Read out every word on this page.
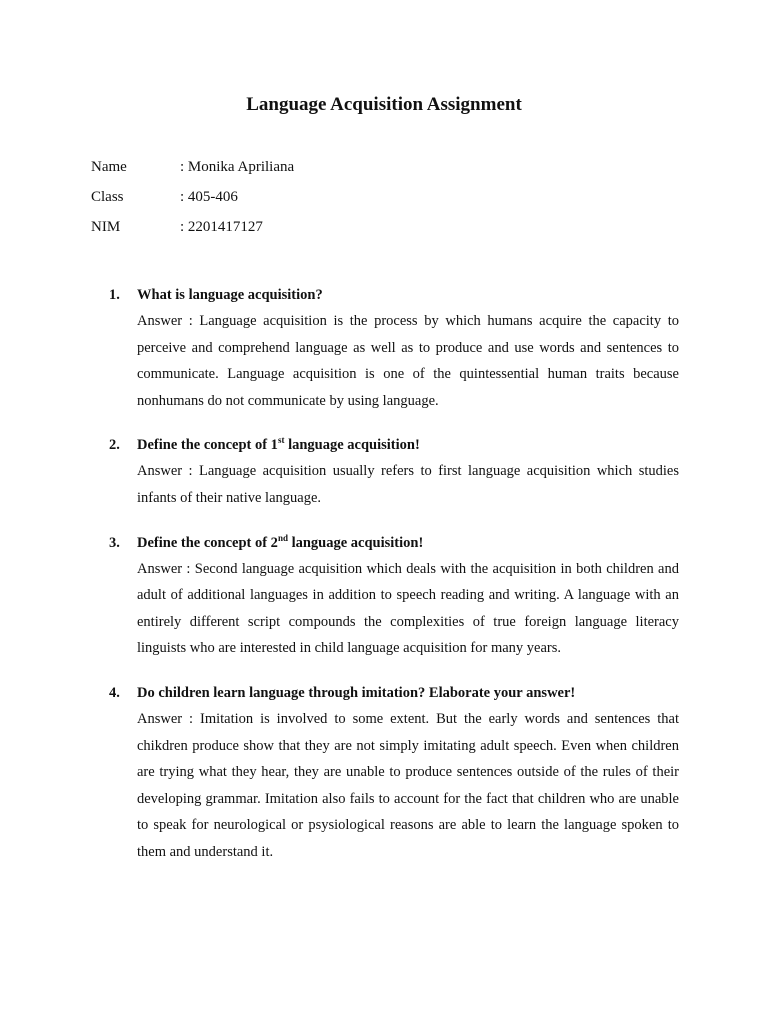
Language Acquisition Assignment
Name	: Monika Apriliana
Class	: 405-406
NIM	: 2201417127
1.	What is language acquisition?
Answer : Language acquisition is the process by which humans acquire the capacity to perceive and comprehend language as well as to produce and use words and sentences to communicate. Language acquisition is one of the quintessential human traits because nonhumans do not communicate by using language.
2.	Define the concept of 1st language acquisition!
Answer : Language acquisition usually refers to first language acquisition which studies infants of their native language.
3.	Define the concept of 2nd language acquisition!
Answer : Second language acquisition which deals with the acquisition in both children and adult of additional languages in addition to speech reading and writing. A language with an entirely different script compounds the complexities of true foreign language literacy linguists who are interested in child language acquisition for many years.
4.	Do children learn language through imitation? Elaborate your answer!
Answer : Imitation is involved to some extent. But the early words and sentences that chikdren produce show that they are not simply imitating adult speech. Even when children are trying what they hear, they are unable to produce sentences outside of the rules of their developing grammar. Imitation also fails to account for the fact that children who are unable to speak for neurological or psysiological reasons are able to learn the language spoken to them and understand it.
